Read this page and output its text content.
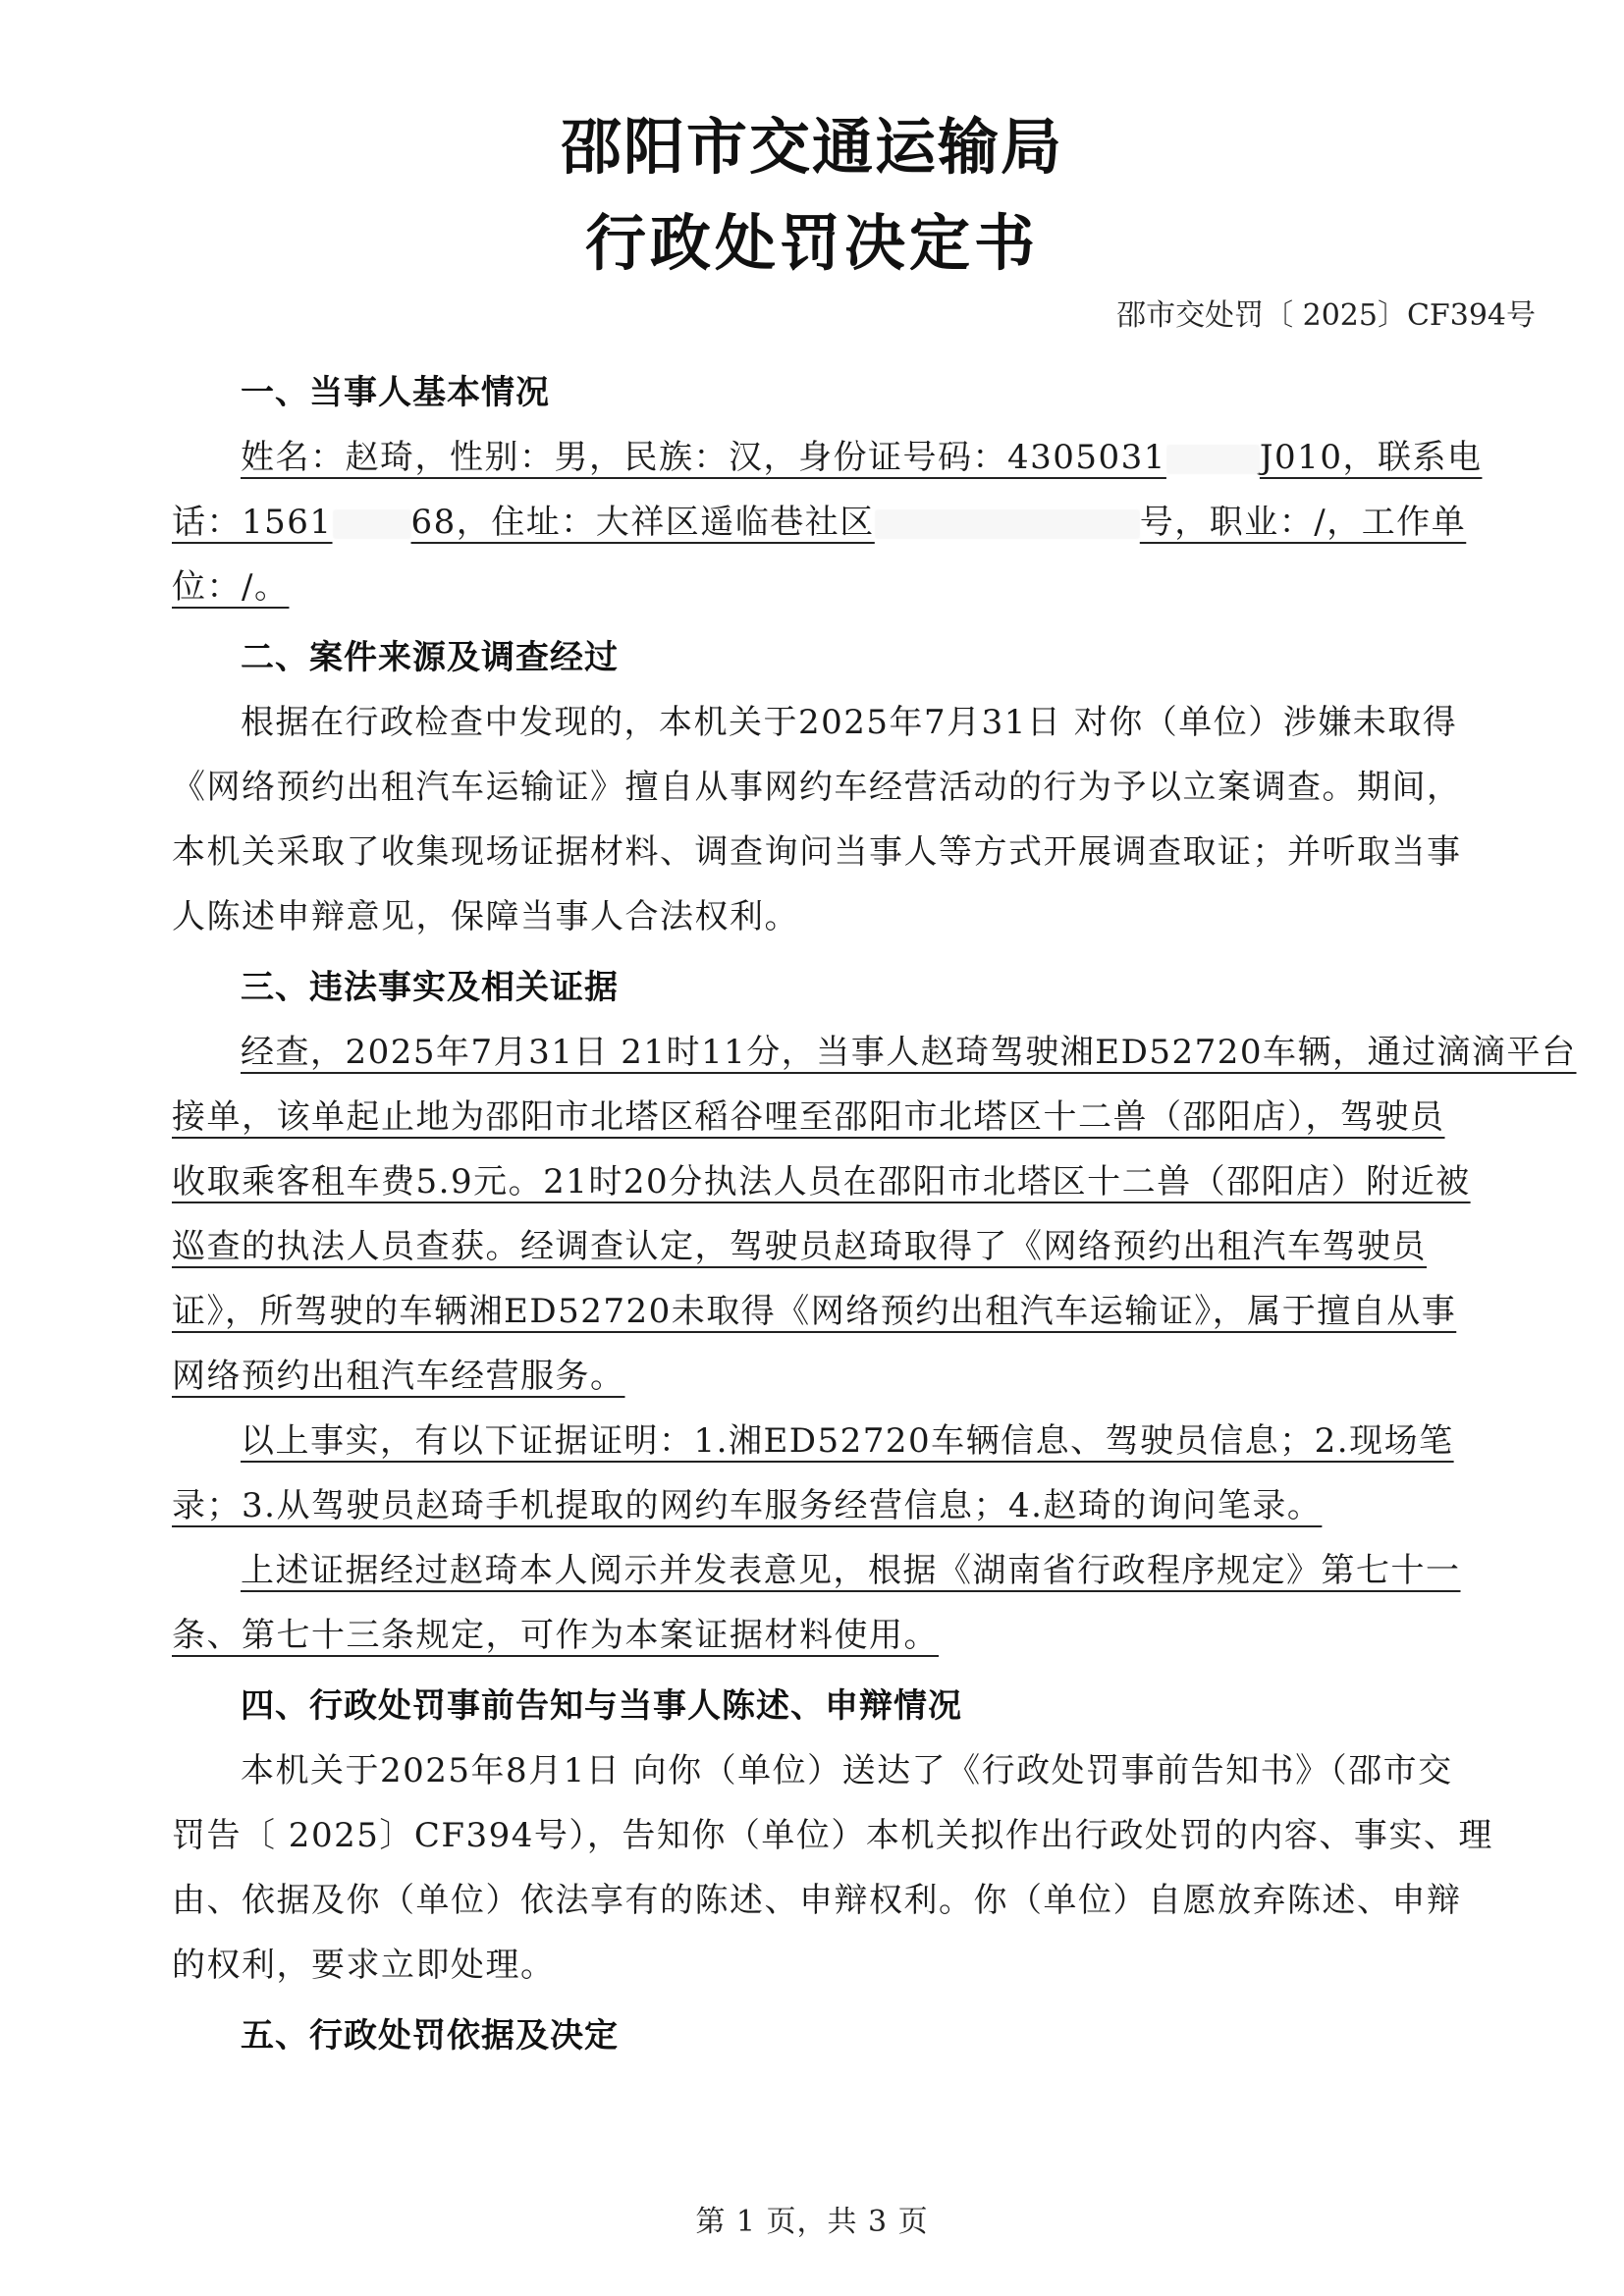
邵阳市交通运输局
行政处罚决定书
邵市交处罚〔 2025〕CF394号
一、当事人基本情况
姓名：赵琦，性别：男，民族：汉，身份证号码：4305031	J010，联系电
话：1561 68，住址：大祥区遥临巷社区	号，职业：/，工作单
位：/。
二、案件来源及调查经过
根据在行政检查中发现的，本机关于2025年7月31日 对你（单位）涉嫌未取得
《网络预约出租汽车运输证》擅自从事网约车经营活动的行为予以立案调查。期间，
本机关采取了收集现场证据材料、调查询问当事人等方式开展调查取证；并听取当事
人陈述申辩意见，保障当事人合法权利。
三、违法事实及相关证据
经查，2025年7月31日 21时11分，当事人赵琦驾驶湘ED52720车辆，通过滴滴平台
接单，该单起止地为邵阳市北塔区稻谷哩至邵阳市北塔区十二兽（邵阳店），驾驶员
收取乘客租车费5.9元。21时20分执法人员在邵阳市北塔区十二兽（邵阳店）附近被
巡查的执法人员查获。经调查认定，驾驶员赵琦取得了《网络预约出租汽车驾驶员
证》，所驾驶的车辆湘ED52720未取得《网络预约出租汽车运输证》，属于擅自从事
网络预约出租汽车经营服务。
以上事实，有以下证据证明：1.湘ED52720车辆信息、驾驶员信息；2.现场笔
录；3.从驾驶员赵琦手机提取的网约车服务经营信息；4.赵琦的询问笔录。
上述证据经过赵琦本人阅示并发表意见，根据《湖南省行政程序规定》第七十一
条、第七十三条规定，可作为本案证据材料使用。
四、行政处罚事前告知与当事人陈述、申辩情况
本机关于2025年8月1日 向你（单位）送达了《行政处罚事前告知书》（邵市交
罚告〔 2025〕CF394号），告知你（单位）本机关拟作出行政处罚的内容、事实、理
由、依据及你（单位）依法享有的陈述、申辩权利。你（单位）自愿放弃陈述、申辩
的权利，要求立即处理。
五、行政处罚依据及决定
第 1 页，共 3 页
